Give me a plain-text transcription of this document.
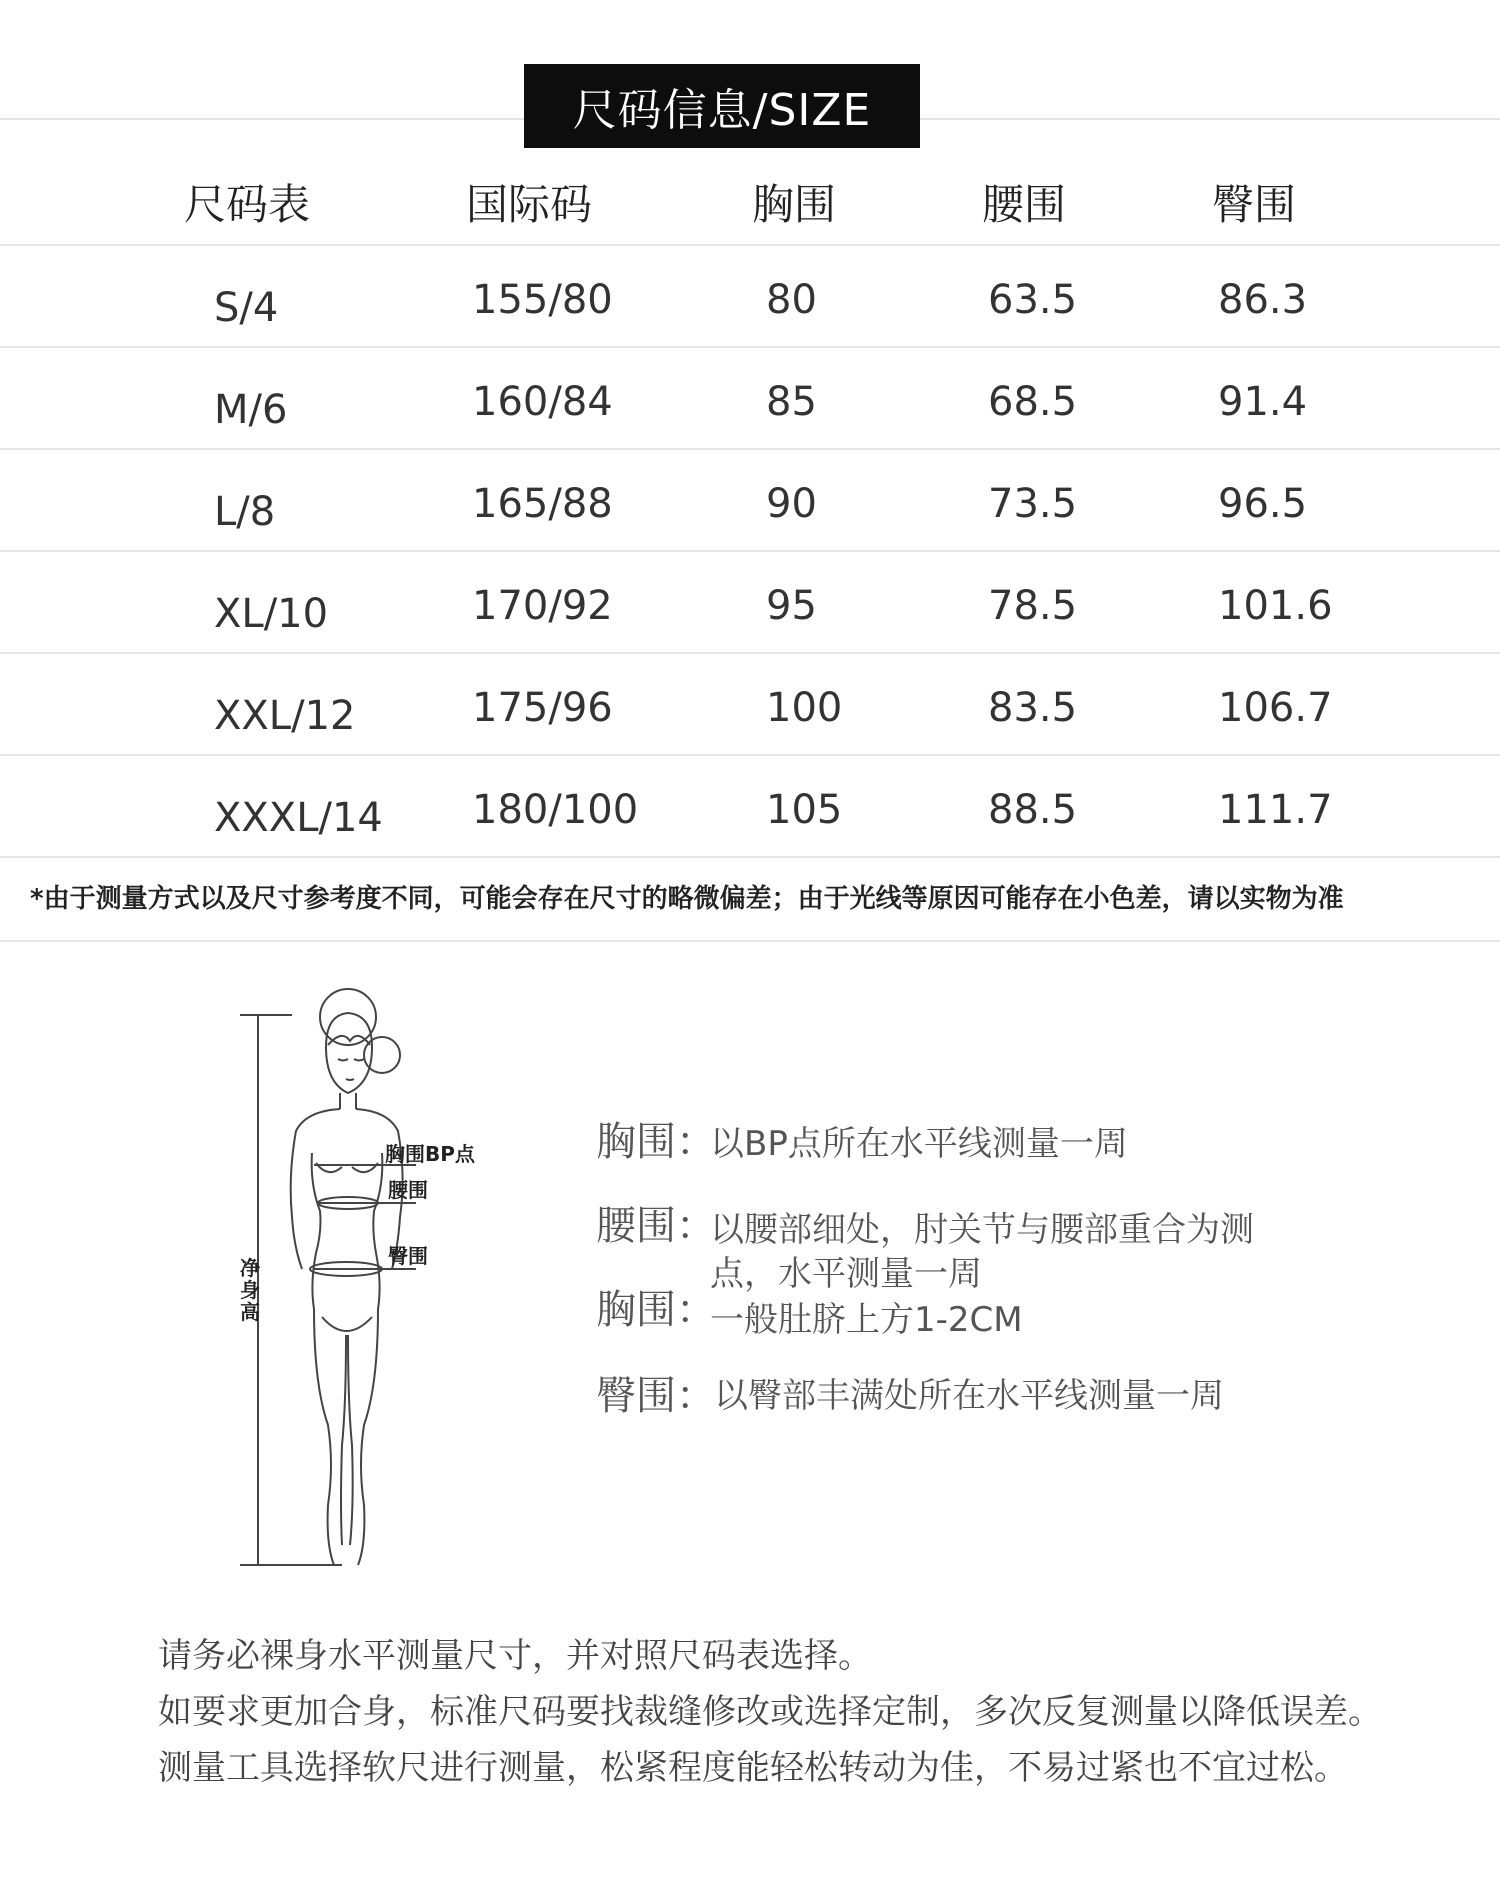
尺码信息/SIZE
尺码表	国际码	胸围	腰围	臀围
S/4	155/80	80	63.5	86.3
M/6	160/84	85	68.5	91.4
L/8	165/88	90	73.5	96.5
XL/10	170/92	95	78.5	101.6
XXL/12	175/96	100	83.5	106.7
XXXL/14 180/100	105	88.5	111.7
*由于测量方式以及尺寸参考度不同，可能会存在尺寸的略微偏差；由于光线等原因可能存在小色差，请以实物为准
胸围BP点
腰围
臀围
净
身
高
胸围：
以BP点所在水平线测量一周
腰围：
以腰部细处，肘关节与腰部重合为测
点，水平测量一周
胸围：
一般肚脐上方1-2CM
臀围：
以臀部丰满处所在水平线测量一周

请务必裸身水平测量尺寸，并对照尺码表选择。

如要求更加合身，标准尺码要找裁缝修改或选择定制，多次反复测量以降低误差。

测量工具选择软尺进行测量，松紧程度能轻松转动为佳，不易过紧也不宜过松。
